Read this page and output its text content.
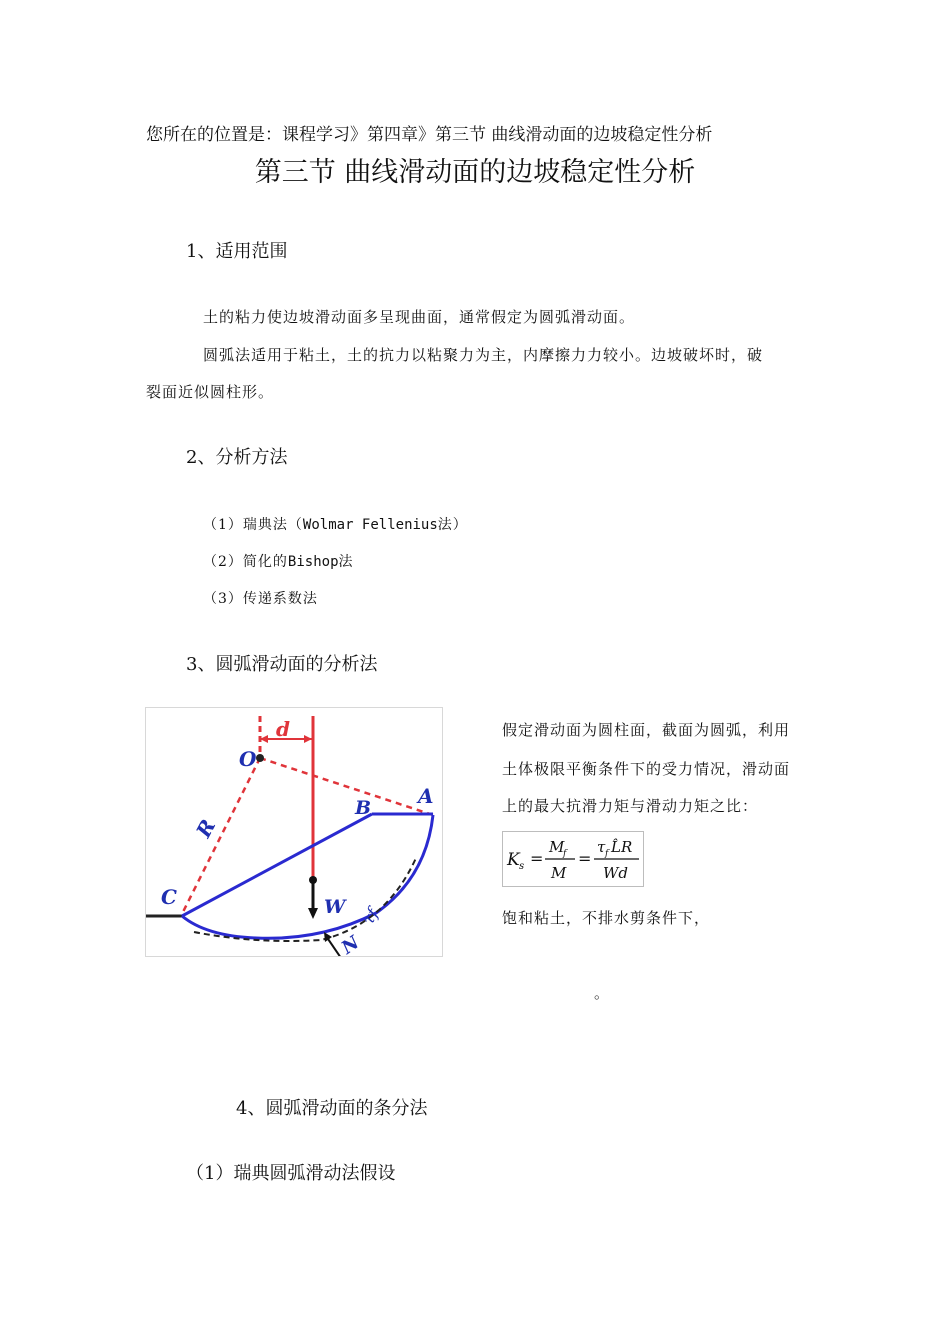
您所在的位置是：课程学习》第四章》第三节 曲线滑动面的边坡稳定性分析
第三节 曲线滑动面的边坡稳定性分析
1、适用范围
土的粘力使边坡滑动面多呈现曲面，通常假定为圆弧滑动面。
圆弧法适用于粘土，土的抗力以粘聚力为主，内摩擦力力较小。边坡破坏时，破
裂面近似圆柱形。
2、分析方法
（1）瑞典法（Wolmar Fellenius法）
（2）简化的Bishop法
（3）传递系数法
3、圆弧滑动面的分析法
d
O
R
B A
C	W
N
τf
假定滑动面为圆柱面，截面为圆弧，利用
土体极限平衡条件下的受力情况，滑动面
上的最大抗滑力矩与滑动力矩之比：
K s =
M
f
M
=
τ f L̂R
Wd
饱和粘土，不排水剪条件下，
。
4、圆弧滑动面的条分法
（1）瑞典圆弧滑动法假设
